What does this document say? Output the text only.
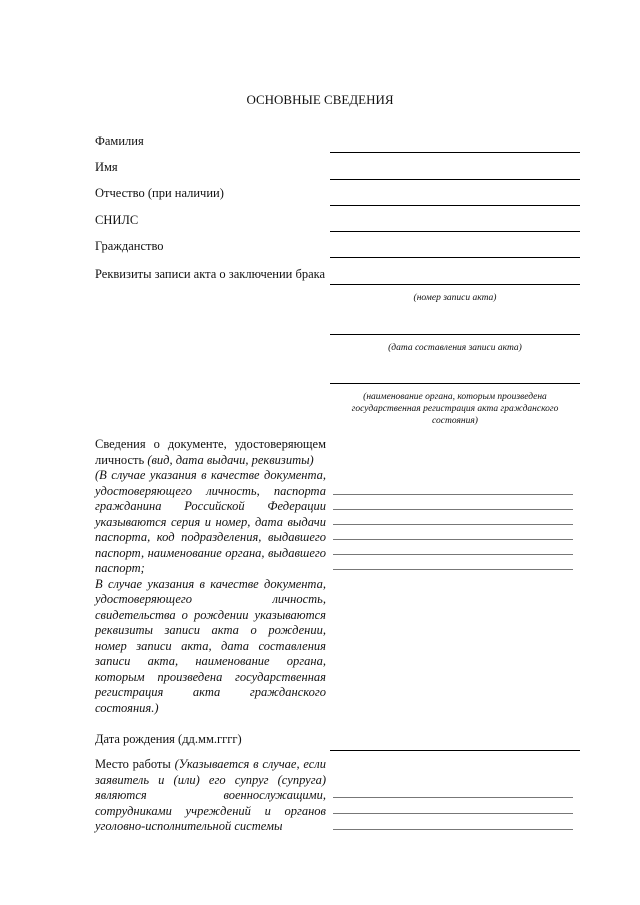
ОСНОВНЫЕ СВЕДЕНИЯ
Фамилия
Имя
Отчество (при наличии)
СНИЛС
Гражданство
Реквизиты записи акта о заключении брака
(номер записи акта)
(дата составления записи акта)
(наименование органа, которым произведена государственная регистрация акта гражданского состояния)

Сведения о документе, удостоверяющем личность (вид, дата выдачи, реквизиты)

(В случае указания в качестве документа, удостоверяющего личность, паспорта гражданина Российской Федерации указываются серия и номер, дата выдачи паспорта, код подразделения, выдавшего паспорт, наименование органа, выдавшего паспорт;

В случае указания в качестве документа, удостоверяющего личность, свидетельства о рождении указываются реквизиты записи акта о рождении, номер записи акта, дата составления записи акта, наименование органа, которым произведена государственная регистрация акта гражданского состояния.)

Дата рождения (дд.мм.гггг)

Место работы (Указывается в случае, если заявитель и (или) его супруг (супруга) являются военнослужащими, сотрудниками учреждений и органов уголовно-исполнительной системы
